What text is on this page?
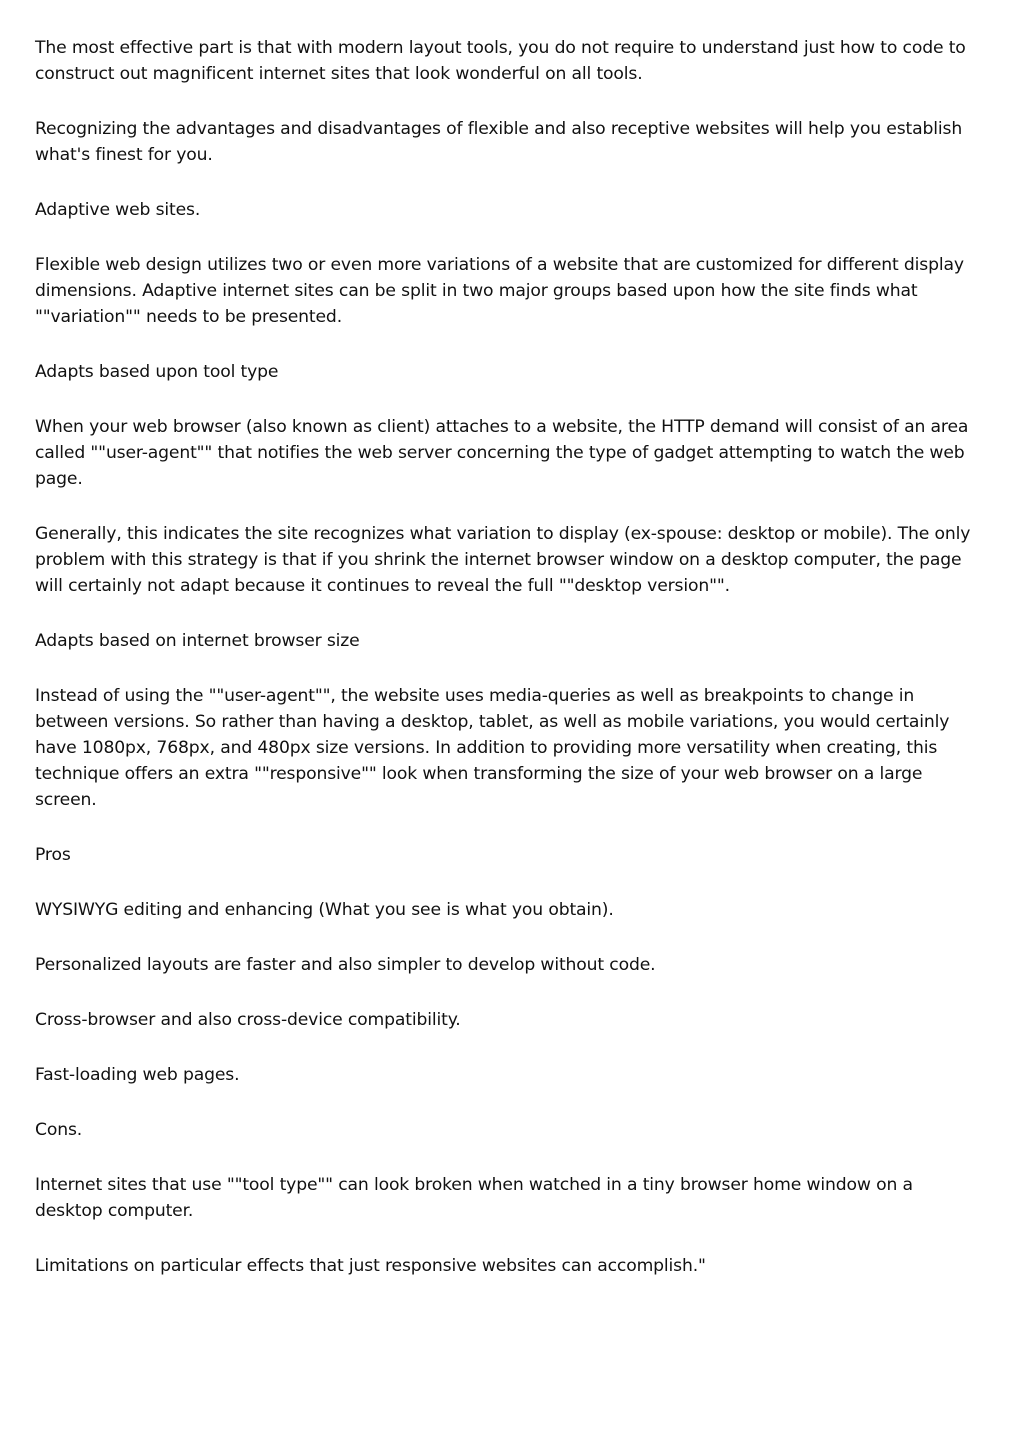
The most effective part is that with modern layout tools, you do not require to understand just how to code to construct out magnificent internet sites that look wonderful on all tools.

Recognizing the advantages and disadvantages of flexible and also receptive websites will help you establish what's finest for you.

Adaptive web sites.

Flexible web design utilizes two or even more variations of a website that are customized for different display dimensions. Adaptive internet sites can be split in two major groups based upon how the site finds what ""variation"" needs to be presented.

Adapts based upon tool type

When your web browser (also known as client) attaches to a website, the HTTP demand will consist of an area called ""user-agent"" that notifies the web server concerning the type of gadget attempting to watch the web page.

Generally, this indicates the site recognizes what variation to display (ex-spouse: desktop or mobile). The only problem with this strategy is that if you shrink the internet browser window on a desktop computer, the page will certainly not adapt because it continues to reveal the full ""desktop version"".

Adapts based on internet browser size

Instead of using the ""user-agent"", the website uses media-queries as well as breakpoints to change in between versions. So rather than having a desktop, tablet, as well as mobile variations, you would certainly have 1080px, 768px, and 480px size versions. In addition to providing more versatility when creating, this technique offers an extra ""responsive"" look when transforming the size of your web browser on a large screen.

Pros

WYSIWYG editing and enhancing (What you see is what you obtain).

Personalized layouts are faster and also simpler to develop without code.

Cross-browser and also cross-device compatibility.

Fast-loading web pages.

Cons.

Internet sites that use ""tool type"" can look broken when watched in a tiny browser home window on a desktop computer.

Limitations on particular effects that just responsive websites can accomplish."
